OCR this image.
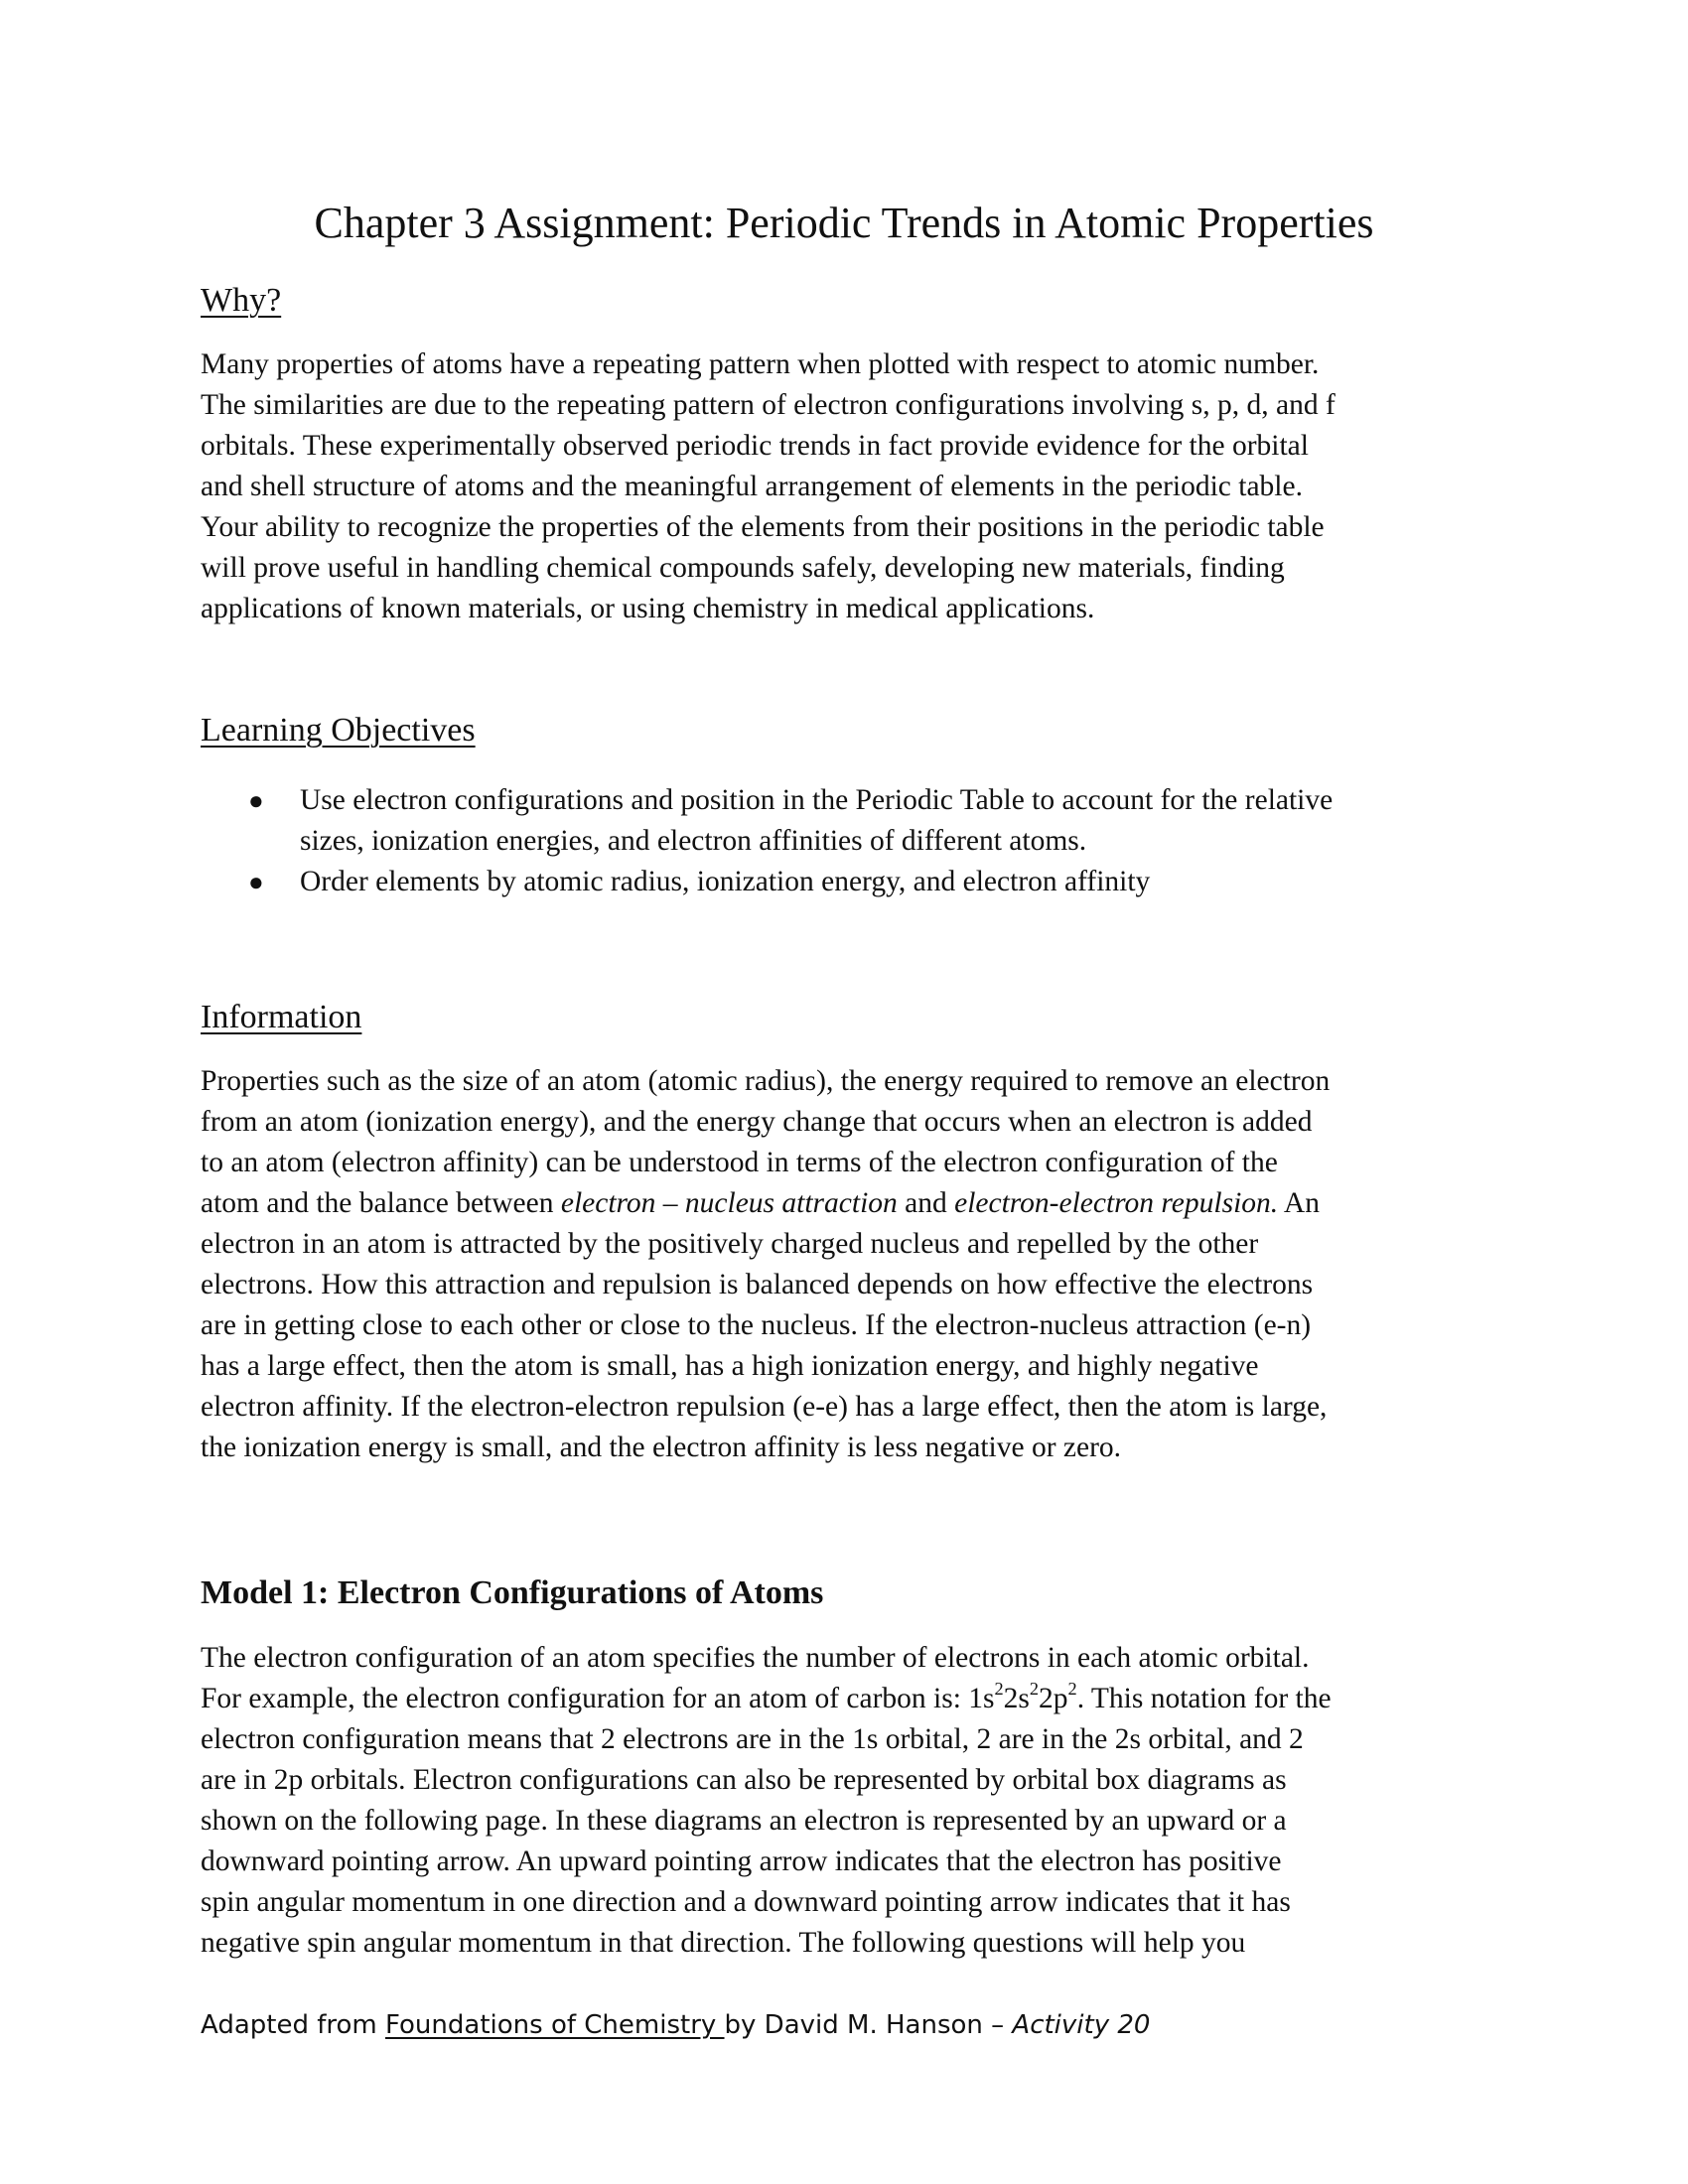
Chapter 3 Assignment: Periodic Trends in Atomic Properties
Why?
Many properties of atoms have a repeating pattern when plotted with respect to atomic number.
The similarities are due to the repeating pattern of electron configurations involving s, p, d, and f
orbitals. These experimentally observed periodic trends in fact provide evidence for the orbital
and shell structure of atoms and the meaningful arrangement of elements in the periodic table.
Your ability to recognize the properties of the elements from their positions in the periodic table
will prove useful in handling chemical compounds safely, developing new materials, finding
applications of known materials, or using chemistry in medical applications.
Learning Objectives
● Use electron configurations and position in the Periodic Table to account for the relative
sizes, ionization energies, and electron affinities of different atoms.
● Order elements by atomic radius, ionization energy, and electron affinity
Information
Properties such as the size of an atom (atomic radius), the energy required to remove an electron
from an atom (ionization energy), and the energy change that occurs when an electron is added
to an atom (electron affinity) can be understood in terms of the electron configuration of the
atom and the balance between electron – nucleus attraction and electron-electron repulsion. An
electron in an atom is attracted by the positively charged nucleus and repelled by the other
electrons. How this attraction and repulsion is balanced depends on how effective the electrons
are in getting close to each other or close to the nucleus. If the electron-nucleus attraction (e-n)
has a large effect, then the atom is small, has a high ionization energy, and highly negative
electron affinity. If the electron-electron repulsion (e-e) has a large effect, then the atom is large,
the ionization energy is small, and the electron affinity is less negative or zero.
Model 1: Electron Configurations of Atoms
The electron configuration of an atom specifies the number of electrons in each atomic orbital.
For example, the electron configuration for an atom of carbon is: $1s^22s^22p^2$. This notation for the
electron configuration means that 2 electrons are in the 1s orbital, 2 are in the 2s orbital, and 2
are in 2p orbitals. Electron configurations can also be represented by orbital box diagrams as
shown on the following page. In these diagrams an electron is represented by an upward or a
downward pointing arrow. An upward pointing arrow indicates that the electron has positive
spin angular momentum in one direction and a downward pointing arrow indicates that it has
negative spin angular momentum in that direction. The following questions will help you
Adapted from Foundations of Chemistry by David M. Hanson – Activity 20
